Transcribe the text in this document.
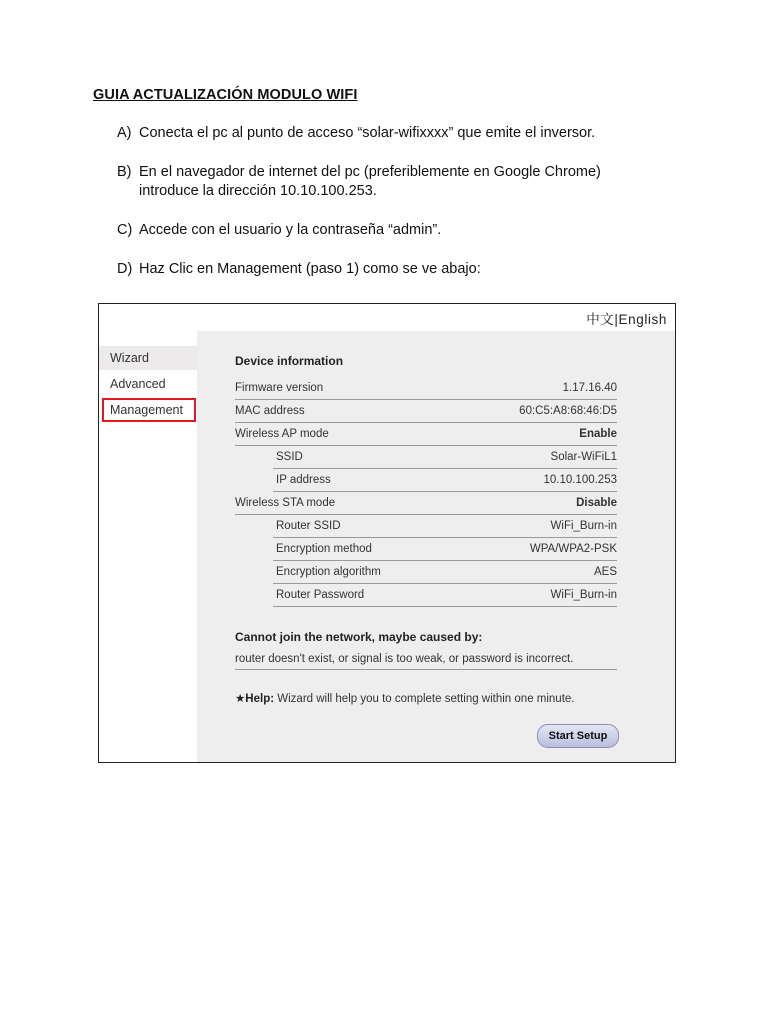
GUIA ACTUALIZACIÓN MODULO WIFI
A) Conecta el pc al punto de acceso “solar-wifixxxx” que emite el inversor.
B) En el navegador de internet del pc (preferiblemente en Google Chrome)
introduce la dirección 10.10.100.253.
C) Accede con el usuario y la contraseña “admin”.
D) Haz Clic en Management (paso 1) como se ve abajo:
中文|English
Wizard
Advanced
Management
Device information
Firmware version	1.17.16.40
MAC address	60:C5:A8:68:46:D5
Wireless AP mode	Enable
SSID	Solar-WiFiL1
IP address	10.10.100.253
Wireless STA mode	Disable
Router SSID	WiFi_Burn-in
Encryption method	WPA/WPA2-PSK
Encryption algorithm	AES
Router Password	WiFi_Burn-in
Cannot join the network, maybe caused by:
router doesn't exist, or signal is too weak, or password is incorrect.
★Help: Wizard will help you to complete setting within one minute.
Start Setup
